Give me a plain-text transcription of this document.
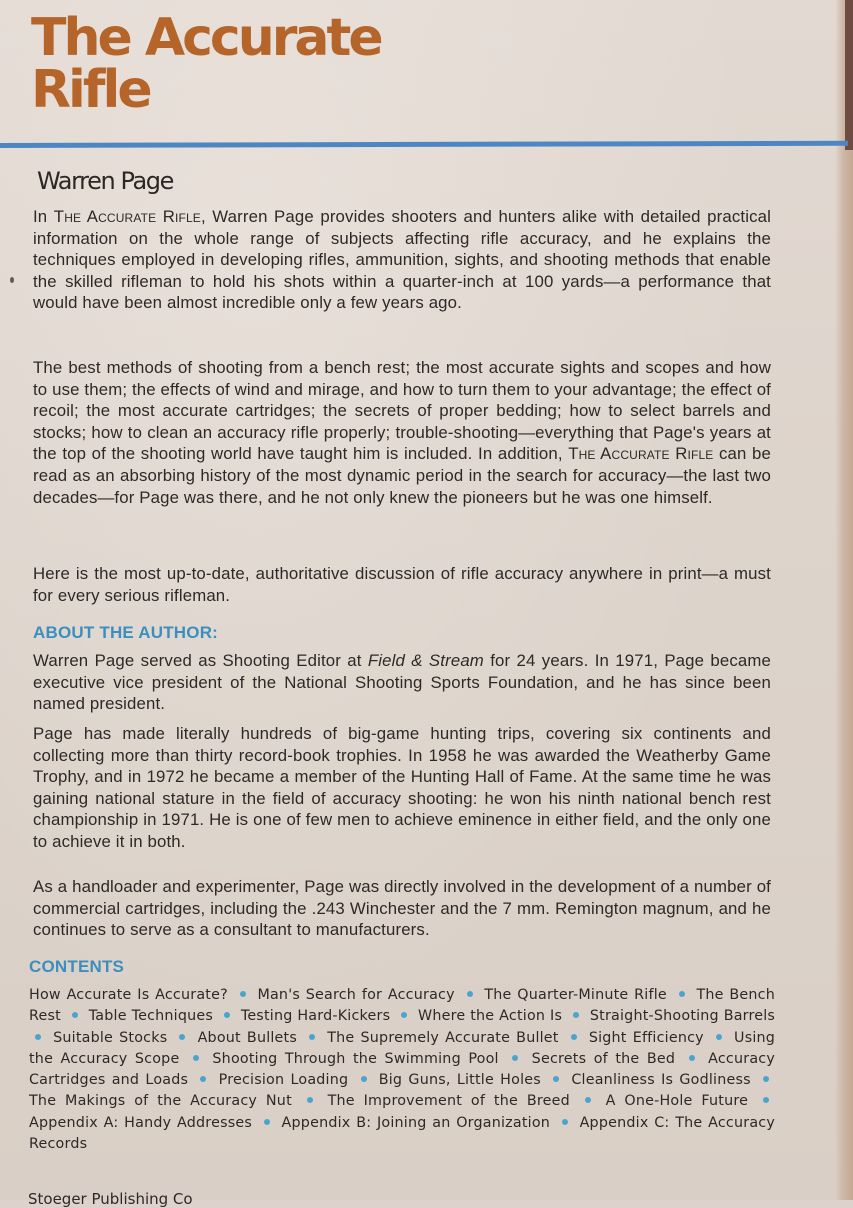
The Accurate
Rifle
Warren Page

In The Accurate Rifle, Warren Page provides shooters and hunters alike with detailed practical information on the whole range of subjects affecting rifle accuracy, and he explains the techniques employed in developing rifles, ammunition, sights, and shooting methods that enable the skilled rifleman to hold his shots within a quarter-inch at 100 yards—a performance that would have been almost incredible only a few years ago.

The best methods of shooting from a bench rest; the most accurate sights and scopes and how to use them; the effects of wind and mirage, and how to turn them to your advantage; the effect of recoil; the most accurate cartridges; the secrets of proper bedding; how to select barrels and stocks; how to clean an accuracy rifle properly; trouble-shooting—everything that Page's years at the top of the shooting world have taught him is included. In addition, The Accurate Rifle can be read as an absorbing history of the most dynamic period in the search for accuracy—the last two decades—for Page was there, and he not only knew the pioneers but he was one himself.

Here is the most up-to-date, authoritative discussion of rifle accuracy anywhere in print—a must for every serious rifleman.

ABOUT THE AUTHOR:

Warren Page served as Shooting Editor at Field & Stream for 24 years. In 1971, Page became executive vice president of the National Shooting Sports Foundation, and he has since been named president.

Page has made literally hundreds of big-game hunting trips, covering six continents and collecting more than thirty record-book trophies. In 1958 he was awarded the Weatherby Game Trophy, and in 1972 he became a member of the Hunting Hall of Fame. At the same time he was gaining national stature in the field of accuracy shooting: he won his ninth national bench rest championship in 1971. He is one of few men to achieve eminence in either field, and the only one to achieve it in both.

As a handloader and experimenter, Page was directly involved in the development of a number of commercial cartridges, including the .243 Winchester and the 7 mm. Remington magnum, and he continues to serve as a consultant to manufacturers.

CONTENTS
How Accurate Is Accurate? Man's Search for Accuracy The Quarter-Minute Rifle The Bench Rest Table Techniques Testing Hard-Kickers Where the Action Is Straight-Shooting Barrels  Suitable Stocks About Bullets The Supremely Accurate Bullet Sight Efficiency Using the Accuracy Scope Shooting Through the Swimming Pool Secrets of the Bed Accuracy Cartridges and Loads Precision Loading Big Guns, Little Holes Cleanliness Is Godliness  The Makings of the Accuracy Nut The Improvement of the Breed A One-Hole Future  Appendix A: Handy Addresses Appendix B: Joining an Organization Appendix C: The Accuracy Records
Stoeger Publishing Co
